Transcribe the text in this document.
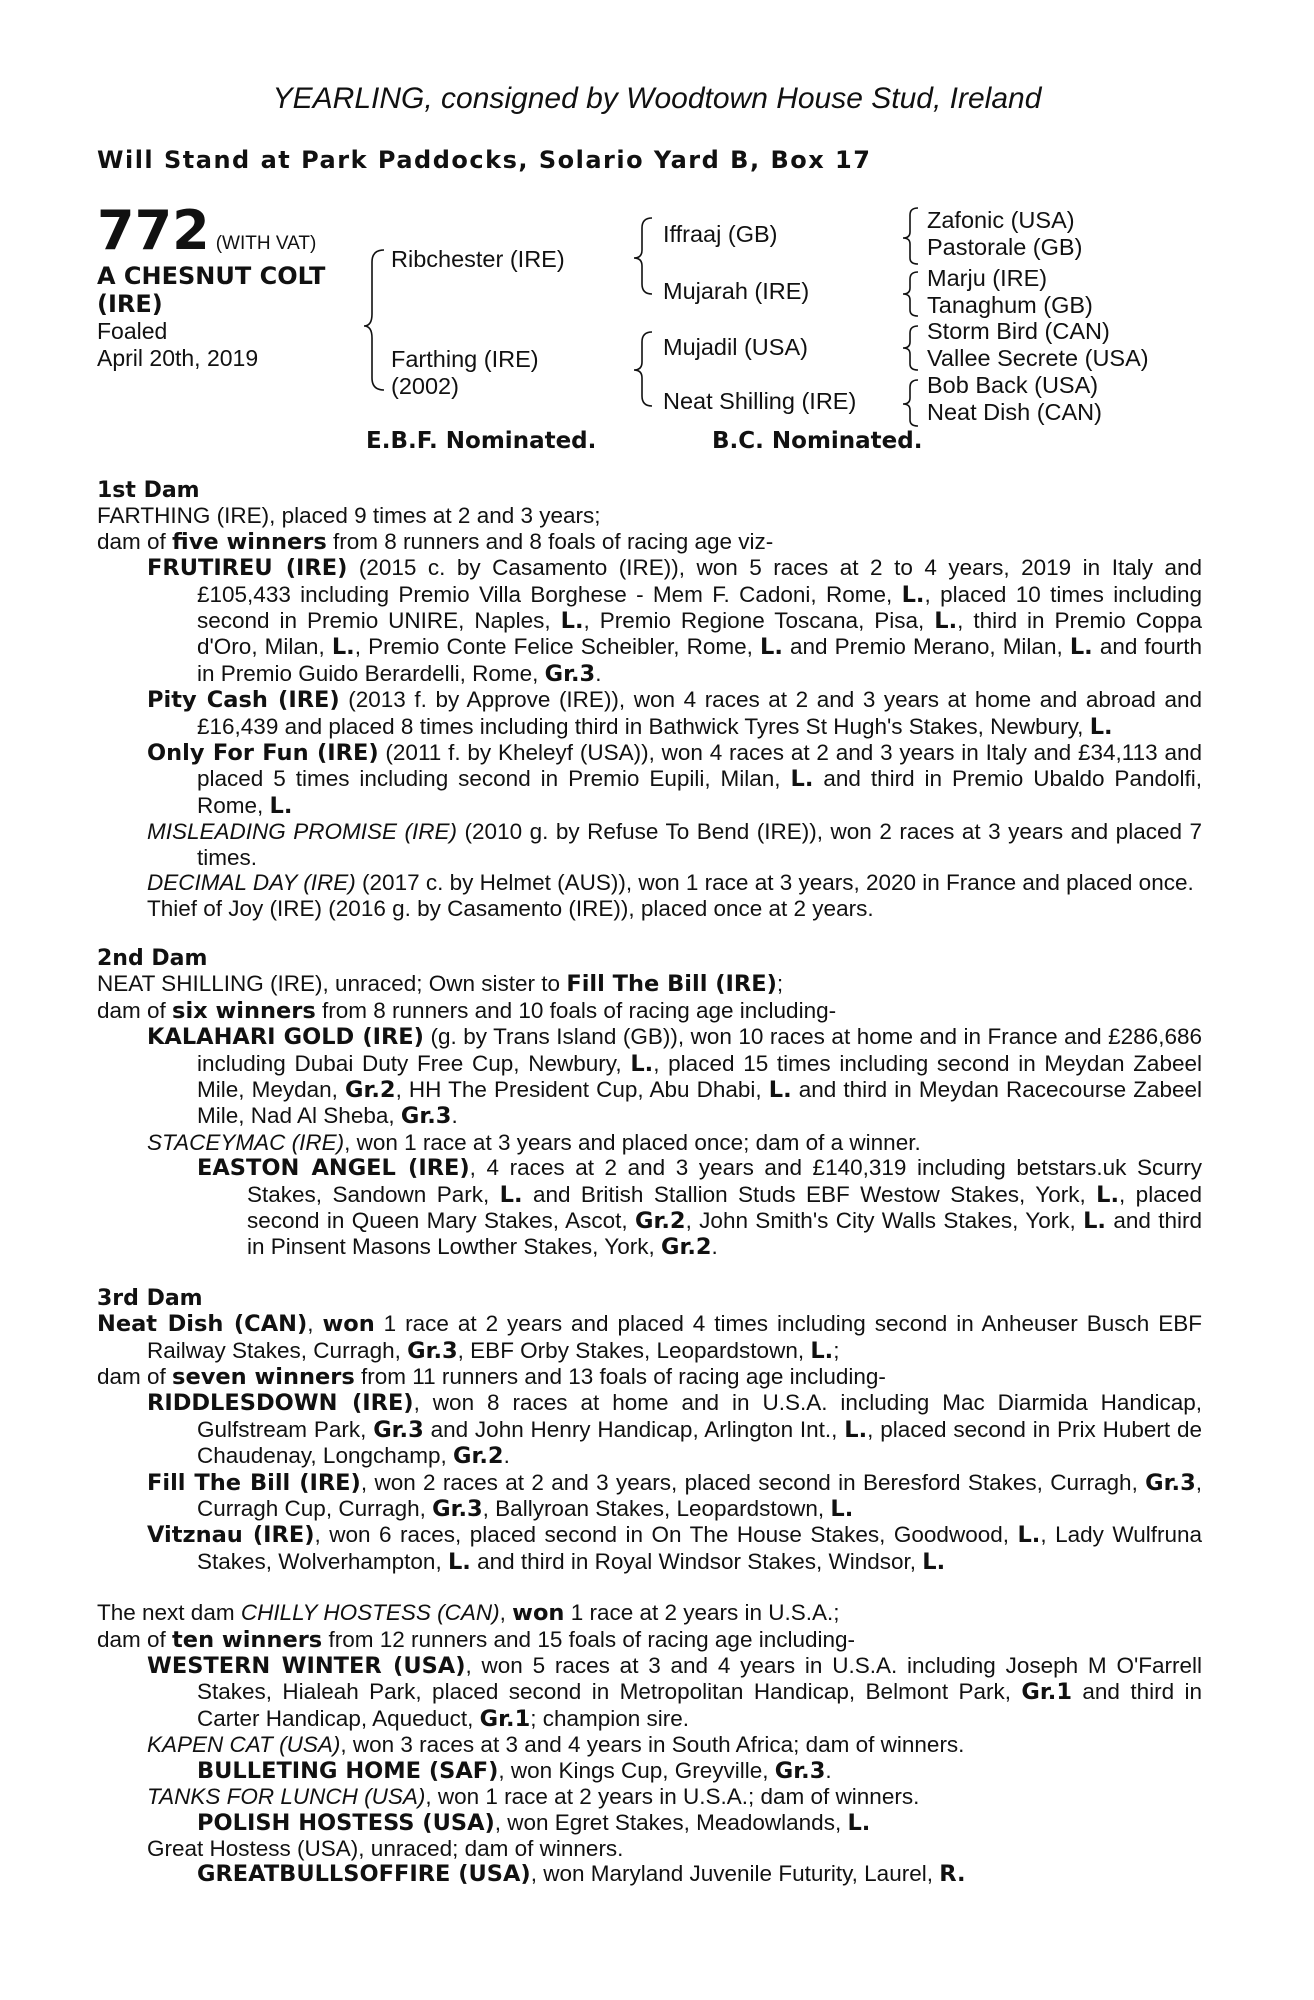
YEARLING, consigned by Woodtown House Stud, Ireland
Will Stand at Park Paddocks, Solario Yard B, Box 17
772 (WITH VAT)
A CHESNUT COLT
(IRE)
Foaled
April 20th, 2019
Ribchester (IRE)
Farthing (IRE)
(2002)
Iffraaj (GB)
Mujarah (IRE)
Mujadil (USA)
Neat Shilling (IRE)
Zafonic (USA)
Pastorale (GB)
Marju (IRE)
Tanaghum (GB)
Storm Bird (CAN)
Vallee Secrete (USA)
Bob Back (USA)
Neat Dish (CAN)
E.B.F. Nominated.	B.C. Nominated.
1st Dam
FARTHING (IRE), placed 9 times at 2 and 3 years;
dam of five winners from 8 runners and 8 foals of racing age viz-
FRUTIREU (IRE) (2015 c. by Casamento (IRE)), won 5 races at 2 to 4 years, 2019 in Italy and £105,433 including Premio Villa Borghese - Mem F. Cadoni, Rome, L., placed 10 times including second in Premio UNIRE, Naples, L., Premio Regione Toscana, Pisa, L., third in Premio Coppa d'Oro, Milan, L., Premio Conte Felice Scheibler, Rome, L. and Premio Merano, Milan, L. and fourth in Premio Guido Berardelli, Rome, Gr.3.
Pity Cash (IRE) (2013 f. by Approve (IRE)), won 4 races at 2 and 3 years at home and abroad and £16,439 and placed 8 times including third in Bathwick Tyres St Hugh's Stakes, Newbury, L.
Only For Fun (IRE) (2011 f. by Kheleyf (USA)), won 4 races at 2 and 3 years in Italy and £34,113 and placed 5 times including second in Premio Eupili, Milan, L. and third in Premio Ubaldo Pandolfi, Rome, L.
MISLEADING PROMISE (IRE) (2010 g. by Refuse To Bend (IRE)), won 2 races at 3 years and placed 7 times.
DECIMAL DAY (IRE) (2017 c. by Helmet (AUS)), won 1 race at 3 years, 2020 in France and placed once.
Thief of Joy (IRE) (2016 g. by Casamento (IRE)), placed once at 2 years.
2nd Dam
NEAT SHILLING (IRE), unraced; Own sister to Fill The Bill (IRE);
dam of six winners from 8 runners and 10 foals of racing age including-
KALAHARI GOLD (IRE) (g. by Trans Island (GB)), won 10 races at home and in France and £286,686 including Dubai Duty Free Cup, Newbury, L., placed 15 times including second in Meydan Zabeel Mile, Meydan, Gr.2, HH The President Cup, Abu Dhabi, L. and third in Meydan Racecourse Zabeel Mile, Nad Al Sheba, Gr.3.
STACEYMAC (IRE), won 1 race at 3 years and placed once; dam of a winner.
EASTON ANGEL (IRE), 4 races at 2 and 3 years and £140,319 including betstars.uk Scurry Stakes, Sandown Park, L. and British Stallion Studs EBF Westow Stakes, York, L., placed second in Queen Mary Stakes, Ascot, Gr.2, John Smith's City Walls Stakes, York, L. and third in Pinsent Masons Lowther Stakes, York, Gr.2.
3rd Dam
Neat Dish (CAN), won 1 race at 2 years and placed 4 times including second in Anheuser Busch EBF Railway Stakes, Curragh, Gr.3, EBF Orby Stakes, Leopardstown, L.;
dam of seven winners from 11 runners and 13 foals of racing age including-
RIDDLESDOWN (IRE), won 8 races at home and in U.S.A. including Mac Diarmida Handicap, Gulfstream Park, Gr.3 and John Henry Handicap, Arlington Int., L., placed second in Prix Hubert de Chaudenay, Longchamp, Gr.2.
Fill The Bill (IRE), won 2 races at 2 and 3 years, placed second in Beresford Stakes, Curragh, Gr.3, Curragh Cup, Curragh, Gr.3, Ballyroan Stakes, Leopardstown, L.
Vitznau (IRE), won 6 races, placed second in On The House Stakes, Goodwood, L., Lady Wulfruna Stakes, Wolverhampton, L. and third in Royal Windsor Stakes, Windsor, L.
The next dam CHILLY HOSTESS (CAN), won 1 race at 2 years in U.S.A.;
dam of ten winners from 12 runners and 15 foals of racing age including-
WESTERN WINTER (USA), won 5 races at 3 and 4 years in U.S.A. including Joseph M O'Farrell Stakes, Hialeah Park, placed second in Metropolitan Handicap, Belmont Park, Gr.1 and third in Carter Handicap, Aqueduct, Gr.1; champion sire.
KAPEN CAT (USA), won 3 races at 3 and 4 years in South Africa; dam of winners.
BULLETING HOME (SAF), won Kings Cup, Greyville, Gr.3.
TANKS FOR LUNCH (USA), won 1 race at 2 years in U.S.A.; dam of winners.
POLISH HOSTESS (USA), won Egret Stakes, Meadowlands, L.
Great Hostess (USA), unraced; dam of winners.
GREATBULLSOFFIRE (USA), won Maryland Juvenile Futurity, Laurel, R.
